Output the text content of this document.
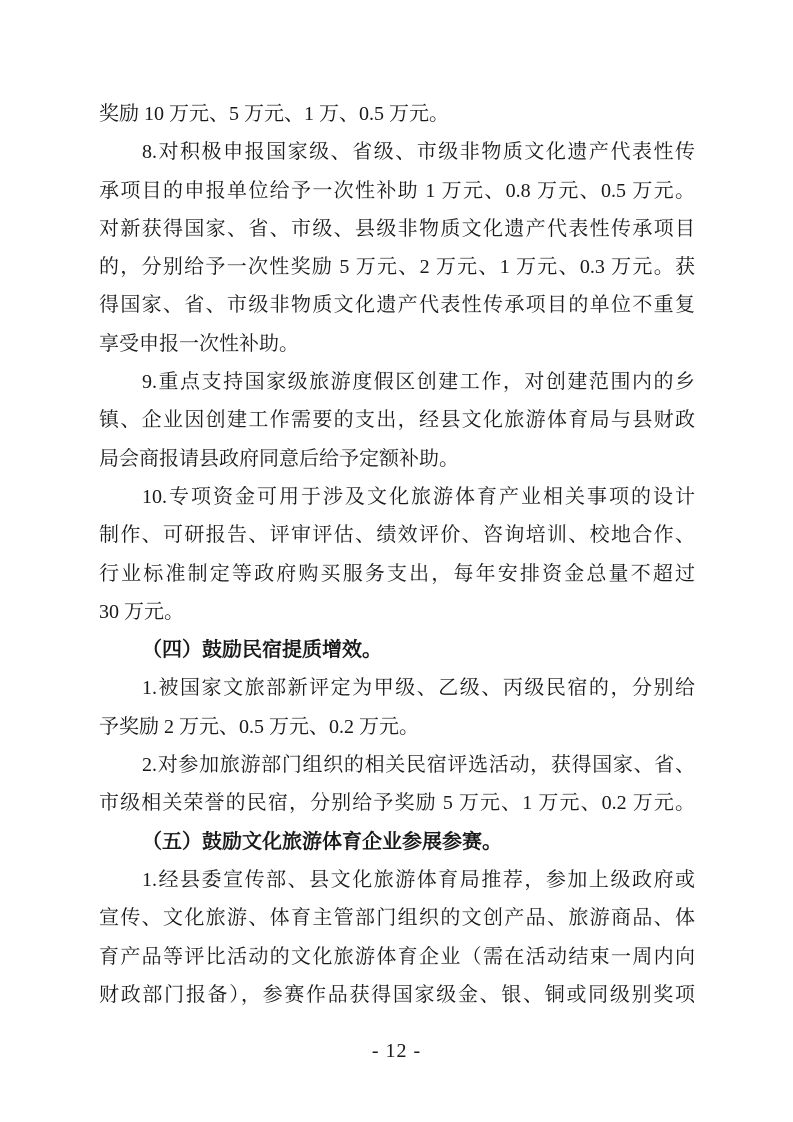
奖励 10 万元、5 万元、1 万、0.5 万元。
8.对积极申报国家级、省级、市级非物质文化遗产代表性传
承项目的申报单位给予一次性补助 1 万元、0.8 万元、0.5 万元。
对新获得国家、省、市级、县级非物质文化遗产代表性传承项目
的，分别给予一次性奖励 5 万元、2 万元、1 万元、0.3 万元。获
得国家、省、市级非物质文化遗产代表性传承项目的单位不重复
享受申报一次性补助。
9.重点支持国家级旅游度假区创建工作，对创建范围内的乡
镇、企业因创建工作需要的支出，经县文化旅游体育局与县财政
局会商报请县政府同意后给予定额补助。
10.专项资金可用于涉及文化旅游体育产业相关事项的设计
制作、可研报告、评审评估、绩效评价、咨询培训、校地合作、
行业标准制定等政府购买服务支出，每年安排资金总量不超过
30 万元。
（四）鼓励民宿提质增效。
1.被国家文旅部新评定为甲级、乙级、丙级民宿的，分别给
予奖励 2 万元、0.5 万元、0.2 万元。
2.对参加旅游部门组织的相关民宿评选活动，获得国家、省、
市级相关荣誉的民宿，分别给予奖励 5 万元、1 万元、0.2 万元。
（五）鼓励文化旅游体育企业参展参赛。
1.经县委宣传部、县文化旅游体育局推荐，参加上级政府或
宣传、文化旅游、体育主管部门组织的文创产品、旅游商品、体
育产品等评比活动的文化旅游体育企业（需在活动结束一周内向
财政部门报备），参赛作品获得国家级金、银、铜或同级别奖项
- 12 -
